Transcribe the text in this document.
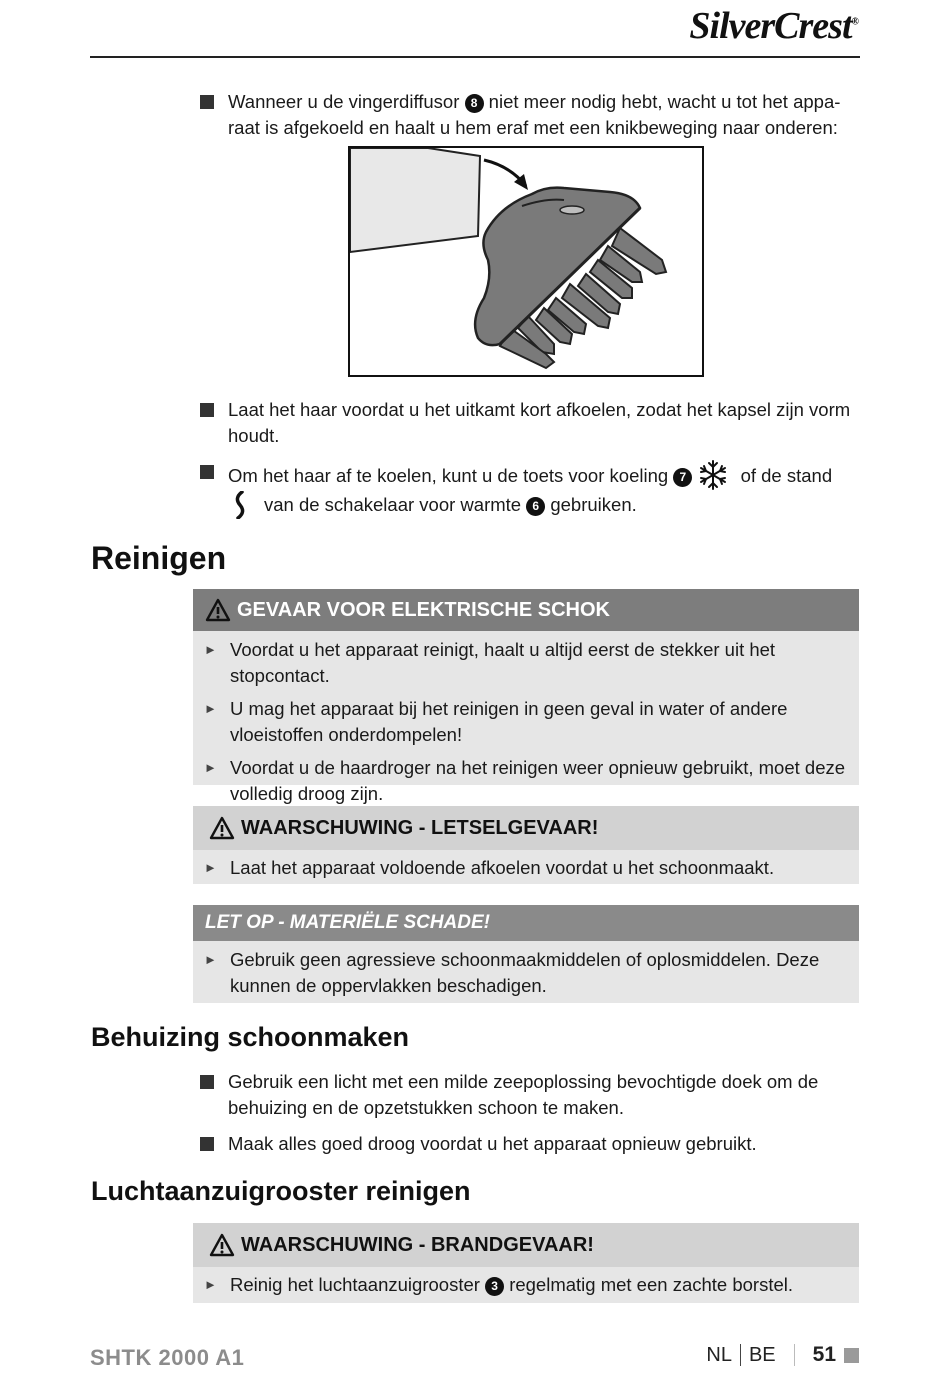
SilverCrest®
Wanneer u de vingerdiffusor 8 niet meer nodig hebt, wacht u tot het appa-
raat is afgekoeld en haalt u hem eraf met een knikbeweging naar onderen:
Laat het haar voordat u het uitkamt kort afkoelen, zodat het kapsel zijn vorm
houdt.
Om het haar af te koelen, kunt u de toets voor koeling 7	of de stand
van de schakelaar voor warmte 6 gebruiken.
Reinigen
GEVAAR VOOR ELEKTRISCHE SCHOK
► Voordat u het apparaat reinigt, haalt u altijd eerst de stekker uit het stopcontact.
► U mag het apparaat bij het reinigen in geen geval in water of andere vloeistoffen onderdompelen!
► Voordat u de haardroger na het reinigen weer opnieuw gebruikt, moet deze volledig droog zijn.
WAARSCHUWING - LETSELGEVAAR!
► Laat het apparaat voldoende afkoelen voordat u het schoonmaakt.
LET OP - MATERIËLE SCHADE!
► Gebruik geen agressieve schoonmaakmiddelen of oplosmiddelen. Deze kunnen de oppervlakken beschadigen.
Behuizing schoonmaken
Gebruik een licht met een milde zeepoplossing bevochtigde doek om de
behuizing en de opzetstukken schoon te maken.
Maak alles goed droog voordat u het apparaat opnieuw gebruikt.
Luchtaanzuigrooster reinigen
WAARSCHUWING - BRANDGEVAAR!
► Reinig het luchtaanzuigrooster 3 regelmatig met een zachte borstel.
SHTK 2000 A1	NL BE 51
